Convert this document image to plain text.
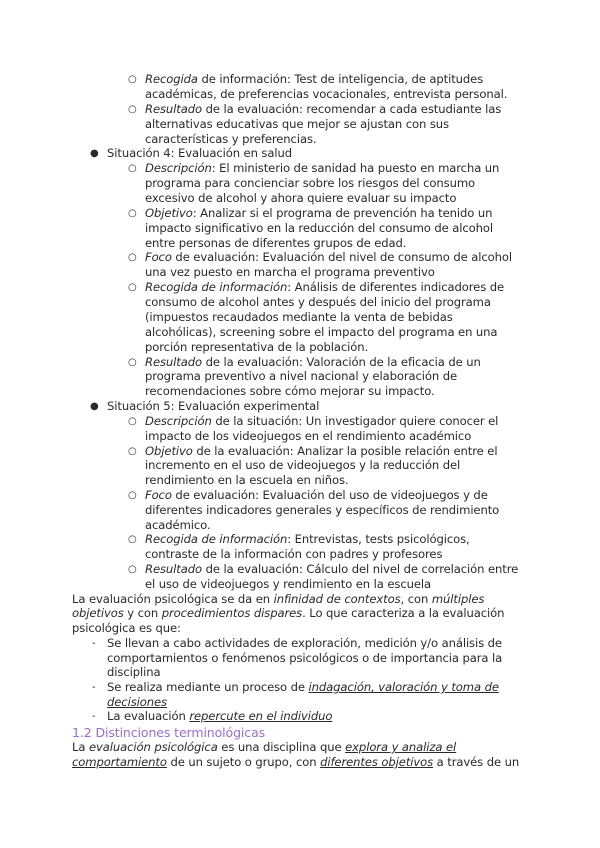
○ Recogida de información: Test de inteligencia, de aptitudes
académicas, de preferencias vocacionales, entrevista personal.
○ Resultado de la evaluación: recomendar a cada estudiante las
alternativas educativas que mejor se ajustan con sus
características y preferencias.
● Situación 4: Evaluación en salud
○ Descripción: El ministerio de sanidad ha puesto en marcha un
programa para concienciar sobre los riesgos del consumo
excesivo de alcohol y ahora quiere evaluar su impacto
○ Objetivo: Analizar si el programa de prevención ha tenido un
impacto significativo en la reducción del consumo de alcohol
entre personas de diferentes grupos de edad.
○ Foco de evaluación: Evaluación del nivel de consumo de alcohol
una vez puesto en marcha el programa preventivo
○ Recogida de información: Análisis de diferentes indicadores de
consumo de alcohol antes y después del inicio del programa
(impuestos recaudados mediante la venta de bebidas
alcohólicas), screening sobre el impacto del programa en una
porción representativa de la población.
○ Resultado de la evaluación: Valoración de la eficacia de un
programa preventivo a nivel nacional y elaboración de
recomendaciones sobre cómo mejorar su impacto.
● Situación 5: Evaluación experimental
○ Descripción de la situación: Un investigador quiere conocer el
impacto de los videojuegos en el rendimiento académico
○ Objetivo de la evaluación: Analizar la posible relación entre el
incremento en el uso de videojuegos y la reducción del
rendimiento en la escuela en niños.
○ Foco de evaluación: Evaluación del uso de videojuegos y de
diferentes indicadores generales y específicos de rendimiento
académico.
○ Recogida de información: Entrevistas, tests psicológicos,
contraste de la información con padres y profesores
○ Resultado de la evaluación: Cálculo del nivel de correlación entre
el uso de videojuegos y rendimiento en la escuela
La evaluación psicológica se da en infinidad de contextos, con múltiples
objetivos y con procedimientos dispares. Lo que caracteriza a la evaluación
psicológica es que:
- Se llevan a cabo actividades de exploración, medición y/o análisis de
comportamientos o fenómenos psicológicos o de importancia para la
disciplina
- Se realiza mediante un proceso de indagación, valoración y toma de
decisiones
- La evaluación repercute en el individuo
1.2 Distinciones terminológicas
La evaluación psicológica es una disciplina que explora y analiza el
comportamiento de un sujeto o grupo, con diferentes objetivos a través de un
